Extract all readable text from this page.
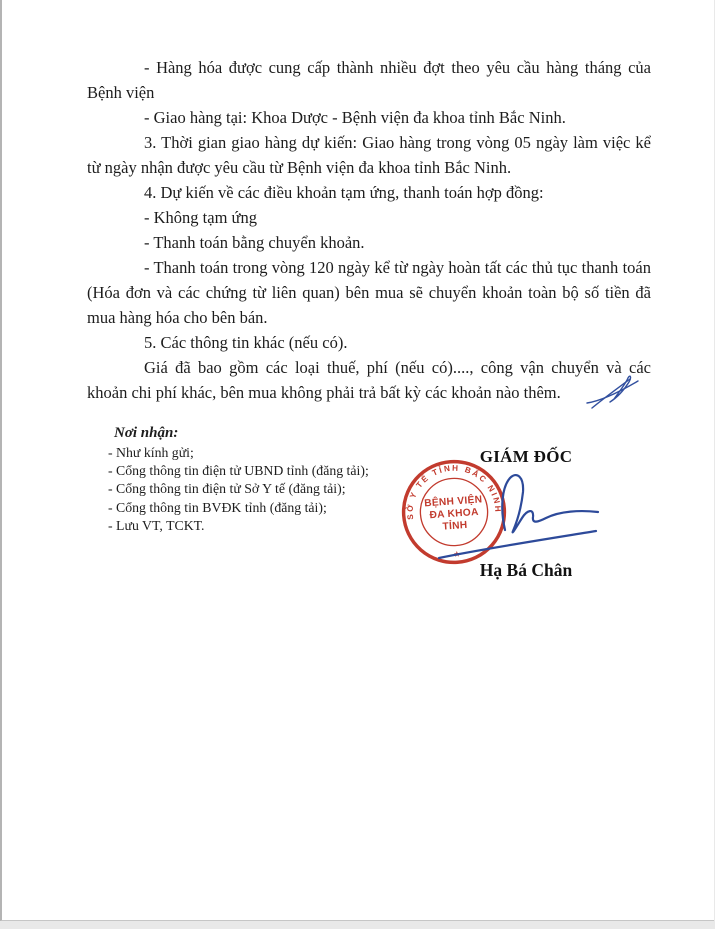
- Hàng hóa được cung cấp thành nhiều đợt theo yêu cầu hàng tháng của Bệnh viện

- Giao hàng tại: Khoa Dược - Bệnh viện đa khoa tỉnh Bắc Ninh.

3. Thời gian giao hàng dự kiến: Giao hàng trong vòng 05 ngày làm việc kể từ ngày nhận được yêu cầu từ Bệnh viện đa khoa tỉnh Bắc Ninh.

4. Dự kiến về các điều khoản tạm ứng, thanh toán hợp đồng:

- Không tạm ứng

- Thanh toán bằng chuyển khoản.

- Thanh toán trong vòng 120 ngày kể từ ngày hoàn tất các thủ tục thanh toán (Hóa đơn và các chứng từ liên quan) bên mua sẽ chuyển khoản toàn bộ số tiền đã mua hàng hóa cho bên bán.

5. Các thông tin khác (nếu có).

Giá đã bao gồm các loại thuế, phí (nếu có)...., công vận chuyển và các khoản chi phí khác, bên mua không phải trả bất kỳ các khoản nào thêm.

Nơi nhận:
- Như kính gửi;
- Cổng thông tin điện tử UBND tỉnh (đăng tải);
- Cổng thông tin điện tử Sở Y tế (đăng tải);
- Cổng thông tin BVĐK tỉnh (đăng tải);
- Lưu VT, TCKT.
GIÁM ĐỐC
SỞ Y TẾ TỈNH BẮC NINH
BỆNH VIỆN
ĐA KHOA
TỈNH
★
Hạ Bá Chân
